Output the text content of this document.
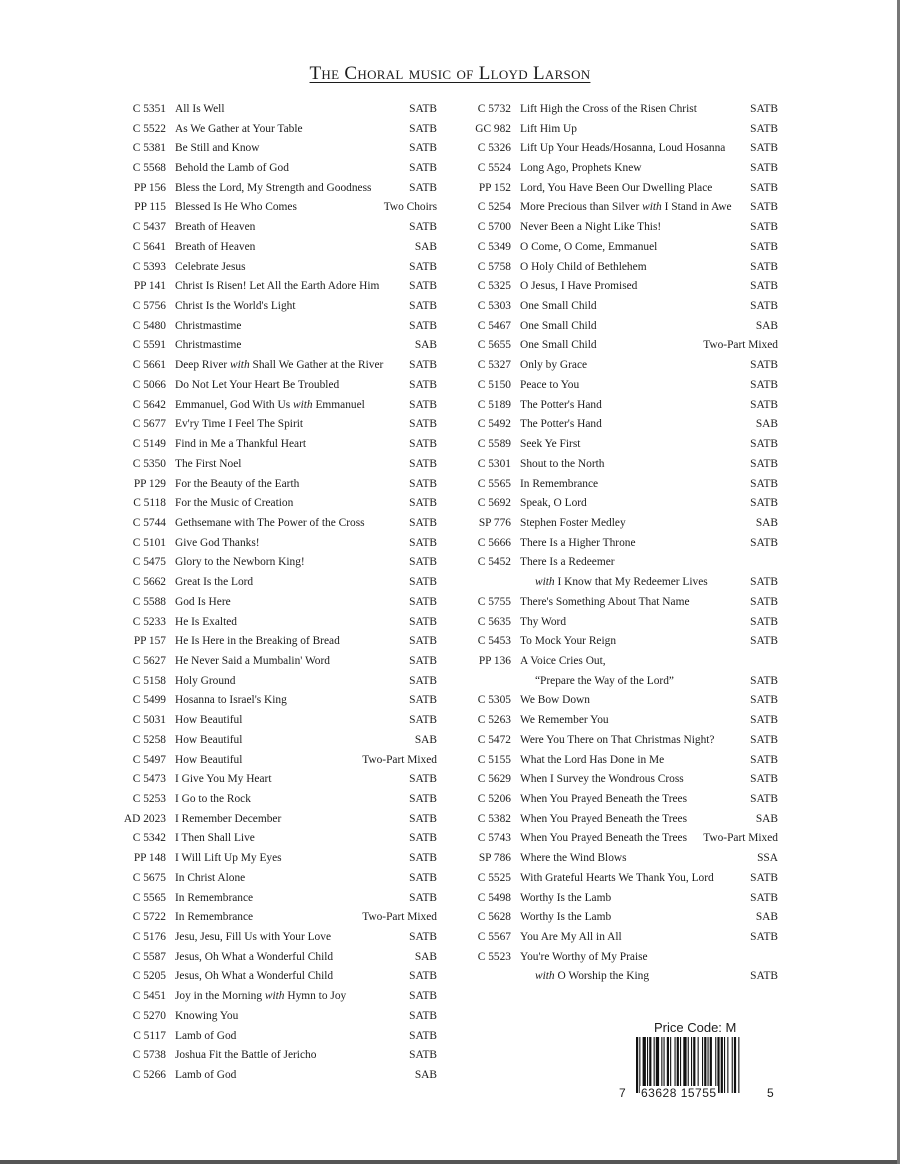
The Choral music of Lloyd Larson
C 5351 All Is Well	SATB
C 5522 As We Gather at Your Table	SATB
C 5381 Be Still and Know	SATB
C 5568 Behold the Lamb of God	SATB
PP 156 Bless the Lord, My Strength and Goodness	SATB
PP 115 Blessed Is He Who Comes	Two Choirs
C 5437 Breath of Heaven	SATB
C 5641 Breath of Heaven	SAB
C 5393 Celebrate Jesus	SATB
PP 141 Christ Is Risen! Let All the Earth Adore Him	SATB
C 5756 Christ Is the World's Light	SATB
C 5480 Christmastime	SATB
C 5591 Christmastime	SAB
C 5661 Deep River with Shall We Gather at the River	SATB
C 5066 Do Not Let Your Heart Be Troubled	SATB
C 5642 Emmanuel, God With Us with Emmanuel	SATB
C 5677 Ev'ry Time I Feel The Spirit	SATB
C 5149 Find in Me a Thankful Heart	SATB
C 5350 The First Noel	SATB
PP 129 For the Beauty of the Earth	SATB
C 5118 For the Music of Creation	SATB
C 5744 Gethsemane with The Power of the Cross	SATB
C 5101 Give God Thanks!	SATB
C 5475 Glory to the Newborn King!	SATB
C 5662 Great Is the Lord	SATB
C 5588 God Is Here	SATB
C 5233 He Is Exalted	SATB
PP 157 He Is Here in the Breaking of Bread	SATB
C 5627 He Never Said a Mumbalin' Word	SATB
C 5158 Holy Ground	SATB
C 5499 Hosanna to Israel's King	SATB
C 5031 How Beautiful	SATB
C 5258 How Beautiful	SAB
C 5497 How Beautiful	Two-Part Mixed
C 5473 I Give You My Heart	SATB
C 5253 I Go to the Rock	SATB
AD 2023 I Remember December	SATB
C 5342 I Then Shall Live	SATB
PP 148 I Will Lift Up My Eyes	SATB
C 5675 In Christ Alone	SATB
C 5565 In Remembrance	SATB
C 5722 In Remembrance	Two-Part Mixed
C 5176 Jesu, Jesu, Fill Us with Your Love	SATB
C 5587 Jesus, Oh What a Wonderful Child	SAB
C 5205 Jesus, Oh What a Wonderful Child	SATB
C 5451 Joy in the Morning with Hymn to Joy	SATB
C 5270 Knowing You	SATB
C 5117 Lamb of God	SATB
C 5738 Joshua Fit the Battle of Jericho	SATB
C 5266 Lamb of God	SAB
C 5732 Lift High the Cross of the Risen Christ	SATB
GC 982 Lift Him Up	SATB
C 5326 Lift Up Your Heads/Hosanna, Loud Hosanna	SATB
C 5524 Long Ago, Prophets Knew	SATB
PP 152 Lord, You Have Been Our Dwelling Place	SATB
C 5254 More Precious than Silver with I Stand in Awe	SATB
C 5700 Never Been a Night Like This!	SATB
C 5349 O Come, O Come, Emmanuel	SATB
C 5758 O Holy Child of Bethlehem	SATB
C 5325 O Jesus, I Have Promised	SATB
C 5303 One Small Child	SATB
C 5467 One Small Child	SAB
C 5655 One Small Child	Two-Part Mixed
C 5327 Only by Grace	SATB
C 5150 Peace to You	SATB
C 5189 The Potter's Hand	SATB
C 5492 The Potter's Hand	SAB
C 5589 Seek Ye First	SATB
C 5301 Shout to the North	SATB
C 5565 In Remembrance	SATB
C 5692 Speak, O Lord	SATB
SP 776 Stephen Foster Medley	SAB
C 5666 There Is a Higher Throne	SATB
C 5452 There Is a Redeemer
with I Know that My Redeemer Lives	SATB
C 5755 There's Something About That Name	SATB
C 5635 Thy Word	SATB
C 5453 To Mock Your Reign	SATB
PP 136 A Voice Cries Out,
“Prepare the Way of the Lord”	SATB
C 5305 We Bow Down	SATB
C 5263 We Remember You	SATB
C 5472 Were You There on That Christmas Night?	SATB
C 5155 What the Lord Has Done in Me	SATB
C 5629 When I Survey the Wondrous Cross	SATB
C 5206 When You Prayed Beneath the Trees	SATB
C 5382 When You Prayed Beneath the Trees	SAB
C 5743 When You Prayed Beneath the Trees	Two-Part Mixed
SP 786 Where the Wind Blows	SSA
C 5525 With Grateful Hearts We Thank You, Lord	SATB
C 5498 Worthy Is the Lamb	SATB
C 5628 Worthy Is the Lamb	SAB
C 5567 You Are My All in All	SATB
C 5523 You're Worthy of My Praise
with O Worship the King	SATB
Price Code: M
7 63628 15755	5
